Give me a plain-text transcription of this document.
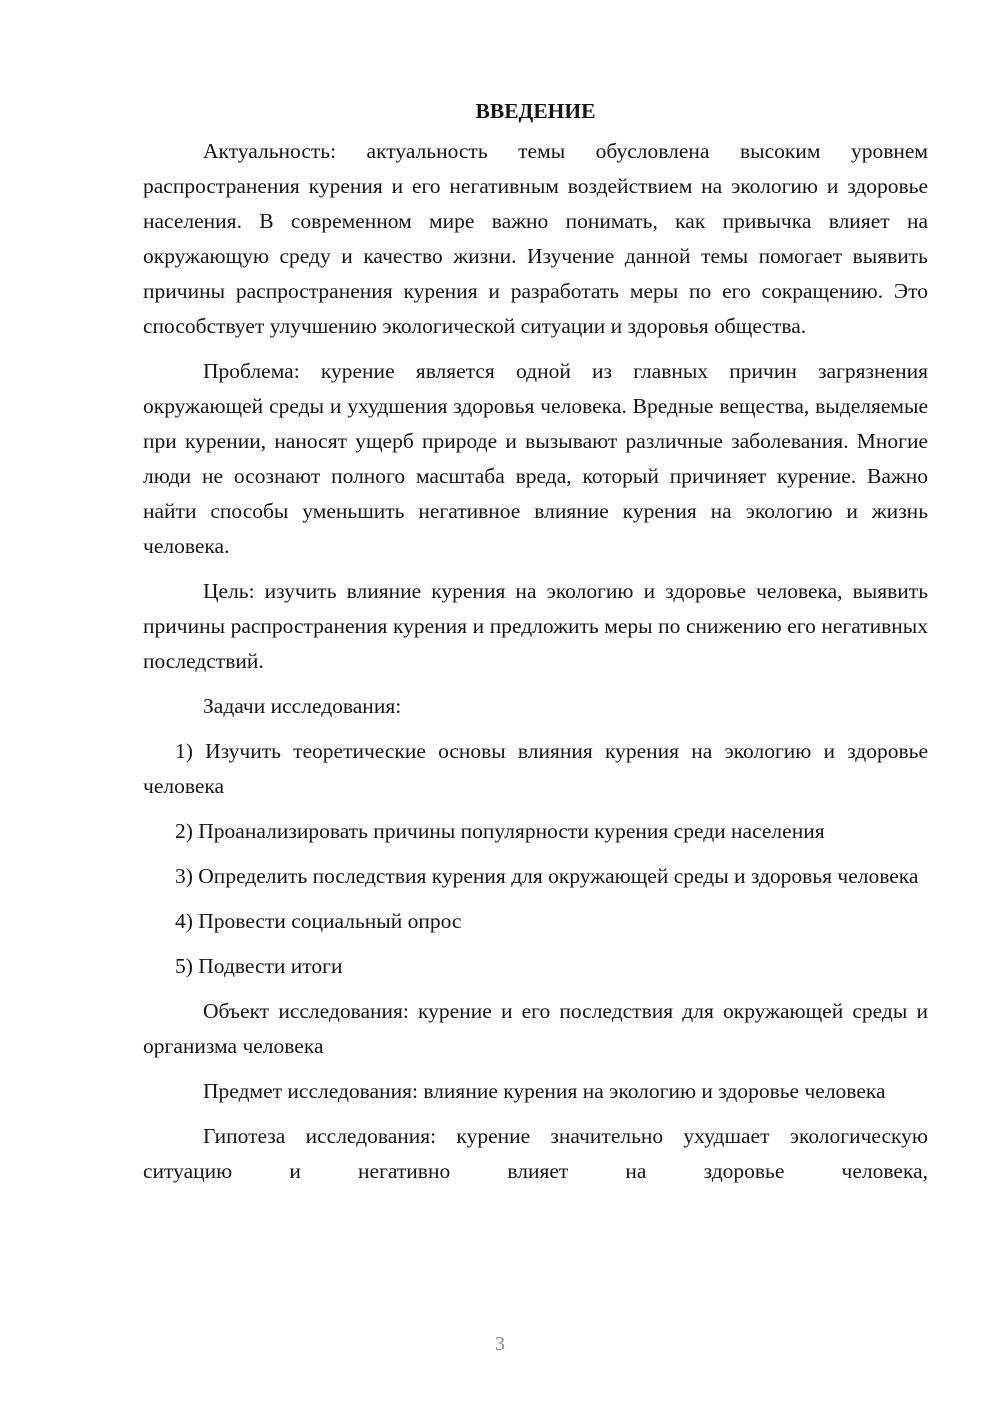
ВВЕДЕНИЕ

Актуальность: актуальность темы обусловлена высоким уровнем распространения курения и его негативным воздействием на экологию и здоровье населения. В современном мире важно понимать, как привычка влияет на окружающую среду и качество жизни. Изучение данной темы помогает выявить причины распространения курения и разработать меры по его сокращению. Это способствует улучшению экологической ситуации и здоровья общества.

Проблема: курение является одной из главных причин загрязнения окружающей среды и ухудшения здоровья человека. Вредные вещества, выделяемые при курении, наносят ущерб природе и вызывают различные заболевания. Многие люди не осознают полного масштаба вреда, который причиняет курение. Важно найти способы уменьшить негативное влияние курения на экологию и жизнь человека.

Цель: изучить влияние курения на экологию и здоровье человека, выявить причины распространения курения и предложить меры по снижению его негативных последствий.

Задачи исследования:

1) Изучить теоретические основы влияния курения на экологию и здоровье человека

2) Проанализировать причины популярности курения среди населения

3) Определить последствия курения для окружающей среды и здоровья человека

4) Провести социальный опрос

5) Подвести итоги

Объект исследования: курение и его последствия для окружающей среды и организма человека

Предмет исследования: влияние курения на экологию и здоровье человека

Гипотеза исследования: курение значительно ухудшает экологическую ситуацию и негативно влияет на здоровье человека,

3
